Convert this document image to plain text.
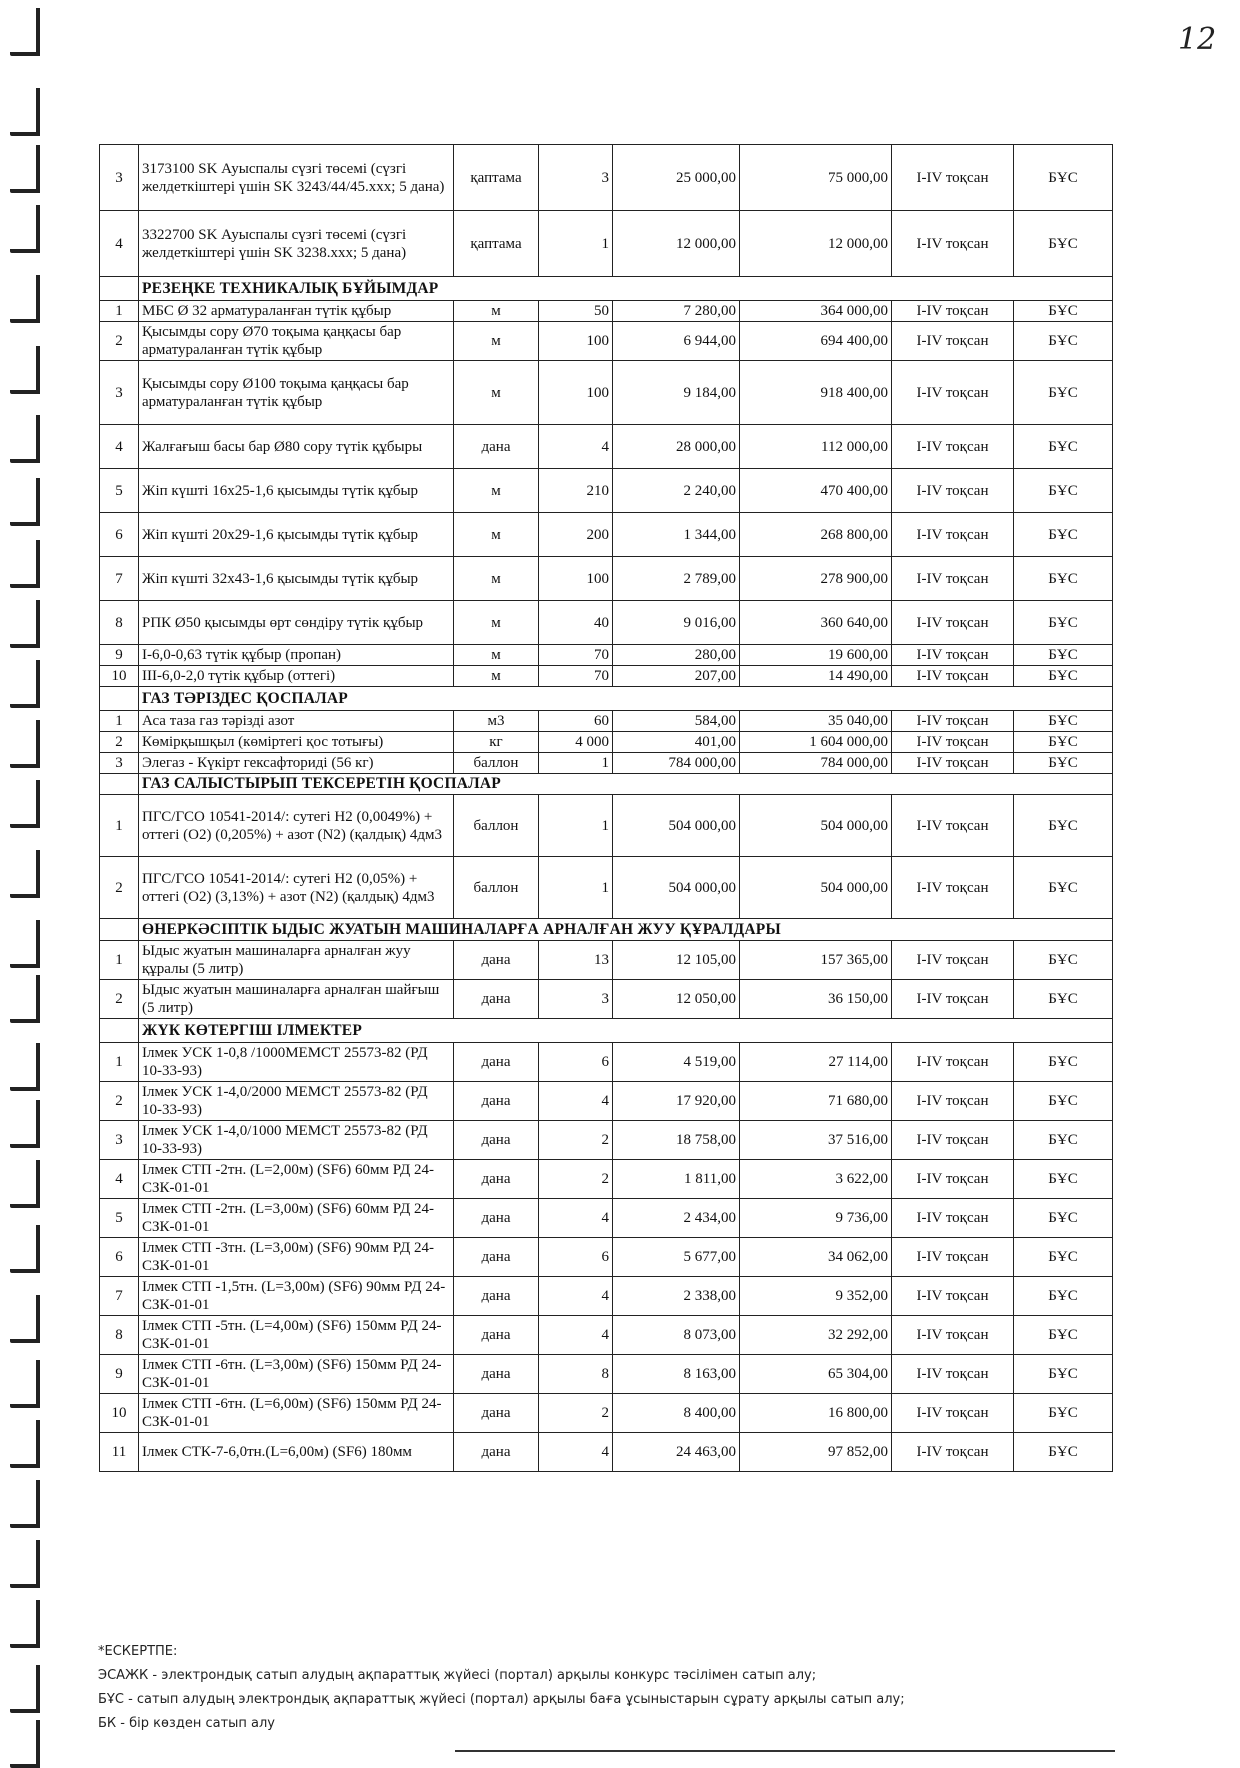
12
3	3173100 SK Ауыспалы сүзгі төсемі (сүзгі желдеткіштері үшін SK 3243/44/45.xxx; 5 дана)	қаптама	3	25 000,00	75 000,00	I-IV тоқсан	БҰС
4	3322700 SK Ауыспалы сүзгі төсемі (сүзгі желдеткіштері үшін SK 3238.xxx; 5 дана)	қаптама	1	12 000,00	12 000,00	I-IV тоқсан	БҰС
	РЕЗЕҢКЕ ТЕХНИКАЛЫҚ БҰЙЫМДАР						
1	МБС Ø 32 арматураланған түтік құбыр	м	50	7 280,00	364 000,00	I-IV тоқсан	БҰС
2	Қысымды сору Ø70 тоқыма қаңқасы бар арматураланған түтік құбыр	м	100	6 944,00	694 400,00	I-IV тоқсан	БҰС
3	Қысымды сору Ø100 тоқыма қаңқасы бар арматураланған түтік құбыр	м	100	9 184,00	918 400,00	I-IV тоқсан	БҰС
4	Жалғағыш басы бар Ø80 сору түтік құбыры	дана	4	28 000,00	112 000,00	I-IV тоқсан	БҰС
5	Жіп күшті 16х25-1,6 қысымды түтік құбыр	м	210	2 240,00	470 400,00	I-IV тоқсан	БҰС
6	Жіп күшті 20х29-1,6 қысымды түтік құбыр	м	200	1 344,00	268 800,00	I-IV тоқсан	БҰС
7	Жіп күшті 32х43-1,6 қысымды түтік құбыр	м	100	2 789,00	278 900,00	I-IV тоқсан	БҰС
8	РПК Ø50 қысымды өрт сөндіру түтік құбыр	м	40	9 016,00	360 640,00	I-IV тоқсан	БҰС
9	I-6,0-0,63 түтік құбыр (пропан)	м	70	280,00	19 600,00	I-IV тоқсан	БҰС
10	III-6,0-2,0 түтік құбыр (оттегі)	м	70	207,00	14 490,00	I-IV тоқсан	БҰС
	ГАЗ ТӘРІЗДЕС ҚОСПАЛАР						
1	Аса таза газ тәрізді азот	м3	60	584,00	35 040,00	I-IV тоқсан	БҰС
2	Көмірқышқыл (көміртегі қос тотығы)	кг	4 000	401,00	1 604 000,00	I-IV тоқсан	БҰС
3	Элегаз - Күкірт гексафториді (56 кг)	баллон	1	784 000,00	784 000,00	I-IV тоқсан	БҰС
	ГАЗ САЛЫСТЫРЫП ТЕКСЕРЕТІН ҚОСПАЛАР						
1	ПГС/ГСО 10541-2014/: сутегі Н2 (0,0049%) + оттегі (О2) (0,205%) + азот (N2) (қалдық) 4дм3	баллон	1	504 000,00	504 000,00	I-IV тоқсан	БҰС
2	ПГС/ГСО 10541-2014/: сутегі Н2 (0,05%) + оттегі (О2) (3,13%) + азот (N2) (қалдық) 4дм3	баллон	1	504 000,00	504 000,00	I-IV тоқсан	БҰС
	ӨНЕРКӘСІПТІК ЫДЫС ЖУАТЫН МАШИНАЛАРҒА АРНАЛҒАН ЖУУ ҚҰРАЛДАРЫ						
1	Ыдыс жуатын машиналарға арналған жуу құралы (5 литр)	дана	13	12 105,00	157 365,00	I-IV тоқсан	БҰС
2	Ыдыс жуатын машиналарға арналған шайғыш (5 литр)	дана	3	12 050,00	36 150,00	I-IV тоқсан	БҰС
	ЖҮК КӨТЕРГІШ ІЛМЕКТЕР						
1	Ілмек УСК 1-0,8 /1000МЕМСТ 25573-82 (РД 10-33-93)	дана	6	4 519,00	27 114,00	I-IV тоқсан	БҰС
2	Ілмек УСК 1-4,0/2000 МЕМСТ 25573-82 (РД 10-33-93)	дана	4	17 920,00	71 680,00	I-IV тоқсан	БҰС
3	Ілмек УСК 1-4,0/1000 МЕМСТ 25573-82 (РД 10-33-93)	дана	2	18 758,00	37 516,00	I-IV тоқсан	БҰС
4	Ілмек СТП -2тн. (L=2,00м) (SF6) 60мм РД 24-СЗК-01-01	дана	2	1 811,00	3 622,00	I-IV тоқсан	БҰС
5	Ілмек СТП -2тн. (L=3,00м) (SF6) 60мм РД 24-СЗК-01-01	дана	4	2 434,00	9 736,00	I-IV тоқсан	БҰС
6	Ілмек СТП -3тн. (L=3,00м) (SF6) 90мм РД 24-СЗК-01-01	дана	6	5 677,00	34 062,00	I-IV тоқсан	БҰС
7	Ілмек СТП -1,5тн. (L=3,00м) (SF6) 90мм РД 24-СЗК-01-01	дана	4	2 338,00	9 352,00	I-IV тоқсан	БҰС
8	Ілмек СТП -5тн. (L=4,00м) (SF6) 150мм РД 24-СЗК-01-01	дана	4	8 073,00	32 292,00	I-IV тоқсан	БҰС
9	Ілмек СТП -6тн. (L=3,00м) (SF6) 150мм РД 24-СЗК-01-01	дана	8	8 163,00	65 304,00	I-IV тоқсан	БҰС
10	Ілмек СТП -6тн. (L=6,00м) (SF6) 150мм РД 24-СЗК-01-01	дана	2	8 400,00	16 800,00	I-IV тоқсан	БҰС
11	Ілмек СТК-7-6,0тн.(L=6,00м) (SF6) 180мм	дана	4	24 463,00	97 852,00	I-IV тоқсан	БҰС
*ЕСКЕРТПЕ:
ЭСАЖК - электрондық сатып алудың ақпараттық жүйесі (портал) арқылы конкурс тәсілімен сатып алу;
БҰС - сатып алудың электрондық ақпараттық жүйесі (портал) арқылы баға ұсыныстарын сұрату арқылы сатып алу;
БК - бір көзден сатып алу
